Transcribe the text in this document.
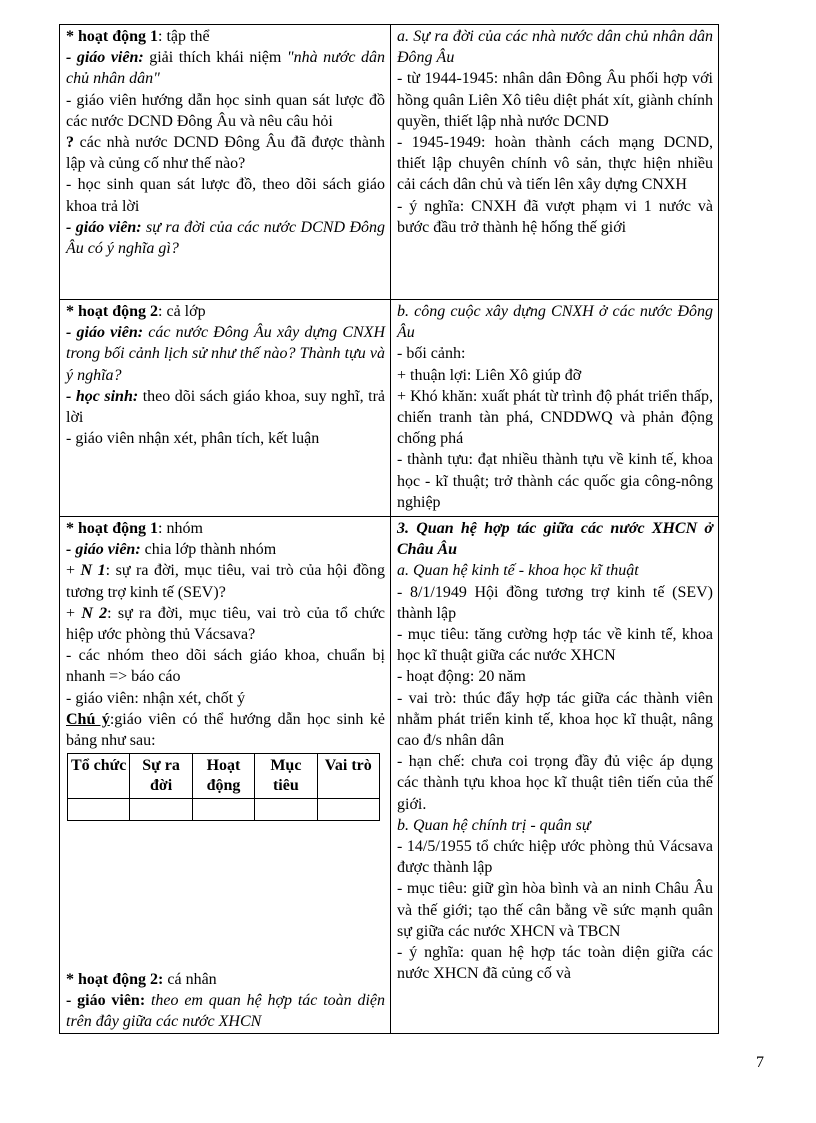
* hoạt động 1: tập thể
- giáo viên: giải thích khái niệm "nhà nước dân chủ nhân dân"
- giáo viên hướng dẫn học sinh quan sát lược đồ các nước DCND Đông Âu và nêu câu hỏi
? các nhà nước DCND Đông Âu đã được thành lập và củng cố như thế nào?
- học sinh quan sát lược đồ, theo dõi sách giáo khoa trả lời
- giáo viên: sự ra đời của các nước DCND Đông Âu có ý nghĩa gì?

a. Sự ra đời của các nhà nước dân chủ nhân dân Đông Âu
- từ 1944-1945: nhân dân Đông Âu phối hợp với hồng quân Liên Xô tiêu diệt phát xít, giành chính quyền, thiết lập nhà nước DCND
- 1945-1949: hoàn thành cách mạng DCND, thiết lập chuyên chính vô sản, thực hiện nhiều cải cách dân chủ và tiến lên xây dựng CNXH
- ý nghĩa: CNXH đã vượt phạm vi 1 nước và bước đầu trở thành hệ hống thế giới

* hoạt động 2: cả lớp
- giáo viên: các nước Đông Âu xây dựng CNXH trong bối cảnh lịch sử như thế nào? Thành tựu và ý nghĩa?
- học sinh: theo dõi sách giáo khoa, suy nghĩ, trả lời
- giáo viên nhận xét, phân tích, kết luận

b. công cuộc xây dựng CNXH ở các nước Đông Âu
- bối cảnh:
+ thuận lợi: Liên Xô giúp đỡ
+ Khó khăn: xuất phát từ trình độ phát triển thấp, chiến tranh tàn phá, CNDDWQ và phản động chống phá
- thành tựu: đạt nhiều thành tựu về kinh tế, khoa học - kĩ thuật; trở thành các quốc gia công-nông nghiệp

* hoạt động 1: nhóm
- giáo viên: chia lớp thành nhóm
+ N 1: sự ra đời, mục tiêu, vai trò của hội đồng tương trợ kinh tế (SEV)?
+ N 2: sự ra đời, mục tiêu, vai trò của tổ chức hiệp ước phòng thủ Vácsava?
- các nhóm theo dõi sách giáo khoa, chuẩn bị nhanh => báo cáo
- giáo viên: nhận xét, chốt ý
Chú ý:giáo viên có thể hướng dẫn học sinh kẻ bảng như sau:
Tổ chức	Sự ra đời	Hoạt động	Mục tiêu	Vai trò

* hoạt động 2: cá nhân
- giáo viên: theo em quan hệ hợp tác toàn diện trên đây giữa các nước XHCN

3. Quan hệ hợp tác giữa các nước XHCN ở Châu Âu
a. Quan hệ kinh tế - khoa học kĩ thuật
- 8/1/1949 Hội đồng tương trợ kinh tế (SEV) thành lập
- mục tiêu: tăng cường hợp tác về kinh tế, khoa học kĩ thuật giữa các nước XHCN
- hoạt động: 20 năm
- vai trò: thúc đẩy hợp tác giữa các thành viên nhằm phát triển kinh tế, khoa học kĩ thuật, nâng cao đ/s nhân dân
- hạn chế: chưa coi trọng đầy đủ việc áp dụng các thành tựu khoa học kĩ thuật tiên tiến của thế giới.
b. Quan hệ chính trị - quân sự
- 14/5/1955 tổ chức hiệp ước phòng thủ Vácsava được thành lập
- mục tiêu: giữ gìn hòa bình và an ninh Châu Âu và thế giới; tạo thế cân bằng về sức mạnh quân sự giữa các nước XHCN và TBCN
- ý nghĩa: quan hệ hợp tác toàn diện giữa các nước XHCN đã củng cố và
7
